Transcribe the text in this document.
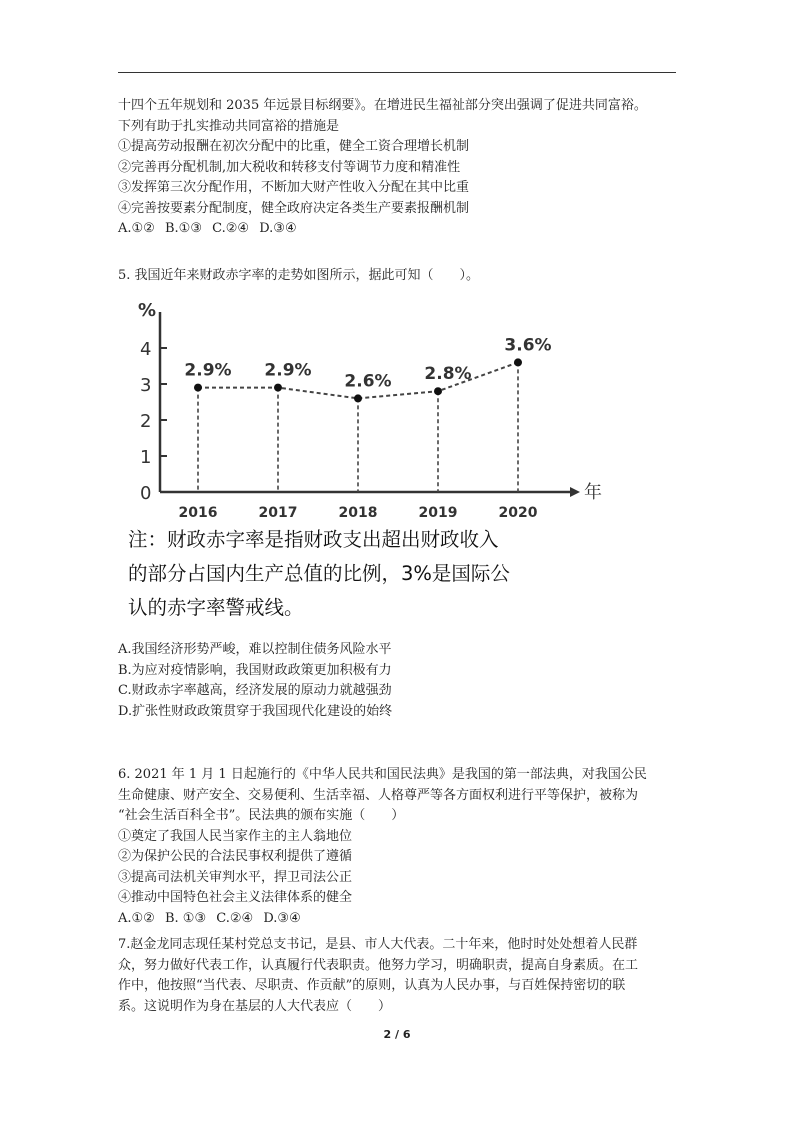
十四个五年规划和 2035 年远景目标纲要》。在增进民生福祉部分突出强调了促进共同富裕。
下列有助于扎实推动共同富裕的措施是
①提高劳动报酬在初次分配中的比重，健全工资合理增长机制
②完善再分配机制,加大税收和转移支付等调节力度和精准性
③发挥第三次分配作用，不断加大财产性收入分配在其中比重
④完善按要素分配制度，健全政府决定各类生产要素报酬机制
A.①② B.①③ C.②④ D.③④
5. 我国近年来财政赤字率的走势如图所示，据此可知（　　）。
%
年
0
1
2
3
4
2.9%
2016
2.9%
2017
2.6%
2018
2.8%
2019
3.6%
2020
注：财政赤字率是指财政支出超出财政收入
的部分占国内生产总值的比例，3%是国际公
认的赤字率警戒线。
A.我国经济形势严峻，难以控制住债务风险水平
B.为应对疫情影响，我国财政政策更加积极有力
C.财政赤字率越高，经济发展的原动力就越强劲
D.扩张性财政政策贯穿于我国现代化建设的始终
6. 2021 年 1 月 1 日起施行的《中华人民共和国民法典》是我国的第一部法典，对我国公民
生命健康、财产安全、交易便利、生活幸福、人格尊严等各方面权利进行平等保护，被称为
“社会生活百科全书”。民法典的颁布实施（　　）
①奠定了我国人民当家作主的主人翁地位
②为保护公民的合法民事权利提供了遵循
③提高司法机关审判水平，捍卫司法公正
④推动中国特色社会主义法律体系的健全
A.①② B. ①③ C.②④ D.③④
7.赵金龙同志现任某村党总支书记，是县、市人大代表。二十年来，他时时处处想着人民群
众，努力做好代表工作，认真履行代表职责。他努力学习，明确职责，提高自身素质。在工
作中，他按照“当代表、尽职责、作贡献”的原则，认真为人民办事，与百姓保持密切的联
系。这说明作为身在基层的人大代表应（　　）
2 / 6
